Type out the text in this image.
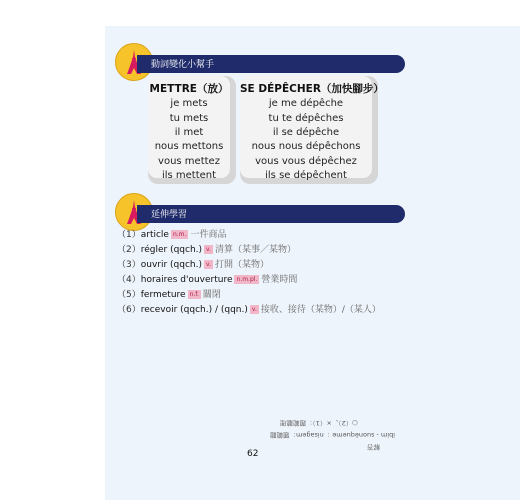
動詞變化小幫手
METTRE（放）
je mets
tu mets
il met
nous mettons
vous mettez
ils mettent
SE DÉPÊCHER（加快腳步）
je me dépêche
tu te dépêches
il se dépêche
nous nous dépêchons
vous vous dépêchez
ils se dépêchent
延伸學習
（1）article n.m. 一件商品
（2）régler (qqch.) v. 清算（某事／某物）
（3）ouvrir (qqch.) v. 打開（某物）
（4）horaires d'ouverture n.m.pl. 營業時間
（5）fermeture n.f. 關閉
（6）recevoir (qqch.) / (qqn.) v. 接收、接待（某物）/（某人）
○（2）、×（1）：題範聽理
ibim - suonèqueme ：nisagem：題範聽
解答
62
